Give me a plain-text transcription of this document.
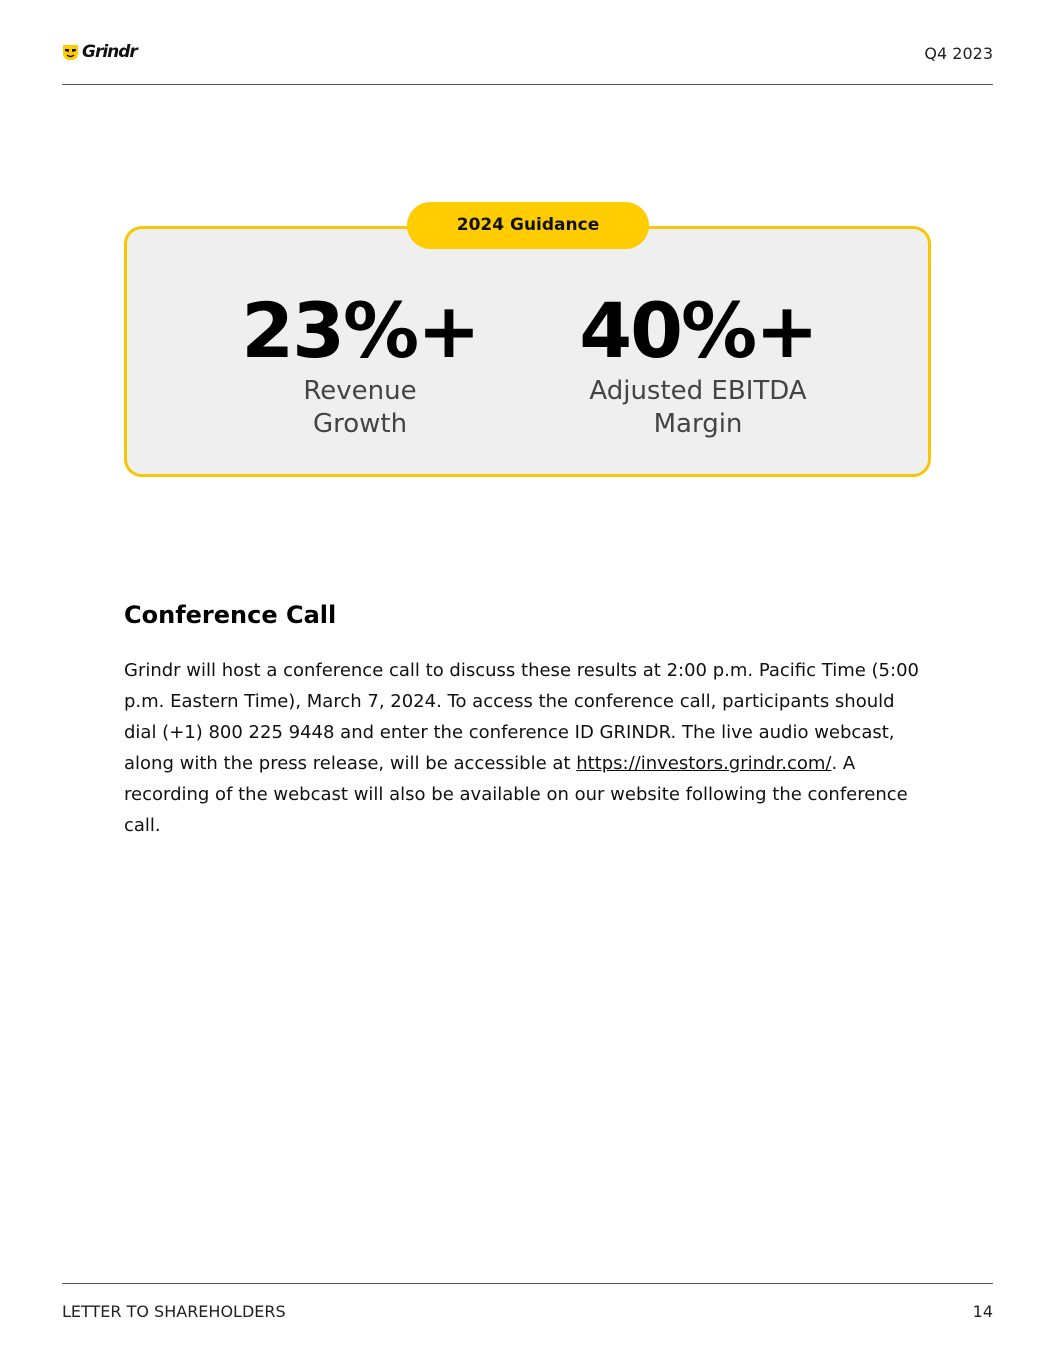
Grindr	Q4 2023
2024 Guidance
23%+
Revenue
Growth
40%+
Adjusted EBITDA
Margin
Conference Call

Grindr will host a conference call to discuss these results at 2:00 p.m. Pacific Time (5:00 p.m. Eastern Time), March 7, 2024. To access the conference call, participants should dial (+1) 800 225 9448 and enter the conference ID GRINDR. The live audio webcast, along with the press release, will be accessible at https://investors.grindr.com/. A recording of the webcast will also be available on our website following the conference call.

LETTER TO SHAREHOLDERS	14
